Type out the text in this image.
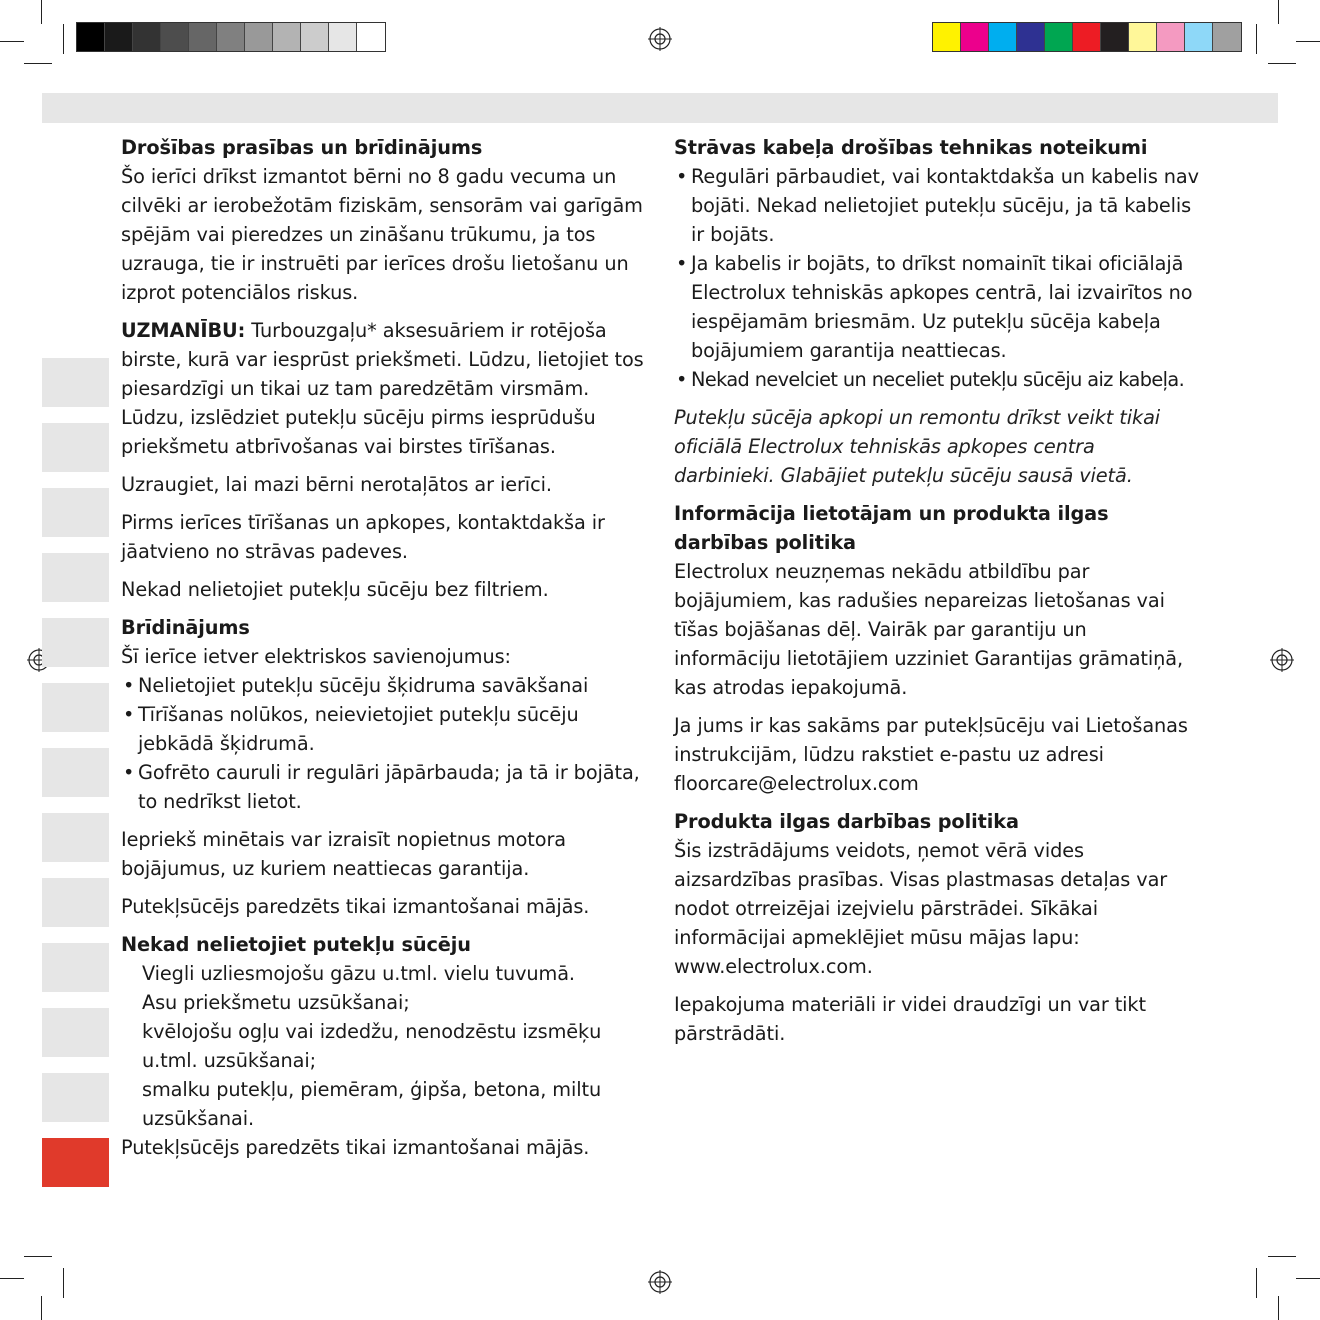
Drošības prasības un brīdinājums
Šo ierīci drīkst izmantot bērni no 8 gadu vecuma un cilvēki ar ierobežotām fiziskām, sensorām vai garīgām spējām vai pieredzes un zināšanu trūkumu, ja tos uzrauga, tie ir instruēti par ierīces drošu lietošanu un izprot potenciālos riskus.

UZMANĪBU: Turbouzgaļu* aksesuāriem ir rotējoša birste, kurā var iesprūst priekšmeti. Lūdzu, lietojiet tos piesardzīgi un tikai uz tam paredzētām virsmām. Lūdzu, izslēdziet putekļu sūcēju pirms iesprūdušu priekšmetu atbrīvošanas vai birstes tīrīšanas.

Uzraugiet, lai mazi bērni nerotaļātos ar ierīci.

Pirms ierīces tīrīšanas un apkopes, kontaktdakša ir jāatvieno no strāvas padeves.

Nekad nelietojiet putekļu sūcēju bez filtriem.

Brīdinājums
Šī ierīce ietver elektriskos savienojumus:
• Nelietojiet putekļu sūcēju šķidruma savākšanai
• Tīrīšanas nolūkos, neievietojiet putekļu sūcēju jebkādā šķidrumā.
• Gofrēto cauruli ir regulāri jāpārbauda; ja tā ir bojāta, to nedrīkst lietot.

Iepriekš minētais var izraisīt nopietnus motora bojājumus, uz kuriem neattiecas garantija.

Putekļsūcējs paredzēts tikai izmantošanai mājās.

Nekad nelietojiet putekļu sūcēju
Viegli uzliesmojošu gāzu u.tml. vielu tuvumā.
Asu priekšmetu uzsūkšanai;
kvēlojošu ogļu vai izdedžu, nenodzēstu izsmēķu u.tml. uzsūkšanai;
smalku putekļu, piemēram, ģipša, betona, miltu uzsūkšanai.
Putekļsūcējs paredzēts tikai izmantošanai mājās.
Strāvas kabeļa drošības tehnikas noteikumi
• Regulāri pārbaudiet, vai kontaktdakša un kabelis nav bojāti. Nekad nelietojiet putekļu sūcēju, ja tā kabelis ir bojāts.
• Ja kabelis ir bojāts, to drīkst nomainīt tikai oficiālajā Electrolux tehniskās apkopes centrā, lai izvairītos no iespējamām briesmām. Uz putekļu sūcēja kabeļa bojājumiem garantija neattiecas.
• Nekad nevelciet un neceliet putekļu sūcēju aiz kabeļa.

Putekļu sūcēja apkopi un remontu drīkst veikt tikai oficiālā Electrolux tehniskās apkopes centra darbinieki. Glabājiet putekļu sūcēju sausā vietā.

Informācija lietotājam un produkta ilgas darbības politika
Electrolux neuzņemas nekādu atbildību par bojājumiem, kas radušies nepareizas lietošanas vai tīšas bojāšanas dēļ. Vairāk par garantiju un informāciju lietotājiem uzziniet Garantijas grāmatiņā, kas atrodas iepakojumā.

Ja jums ir kas sakāms par putekļsūcēju vai Lietošanas instrukcijām, lūdzu rakstiet e-pastu uz adresi floorcare@electrolux.com

Produkta ilgas darbības politika
Šis izstrādājums veidots, ņemot vērā vides aizsardzības prasības. Visas plastmasas detaļas var nodot otrreizējai izejvielu pārstrādei. Sīkākai informācijai apmeklējiet mūsu mājas lapu: www.electrolux.com.

Iepakojuma materiāli ir videi draudzīgi un var tikt pārstrādāti.
